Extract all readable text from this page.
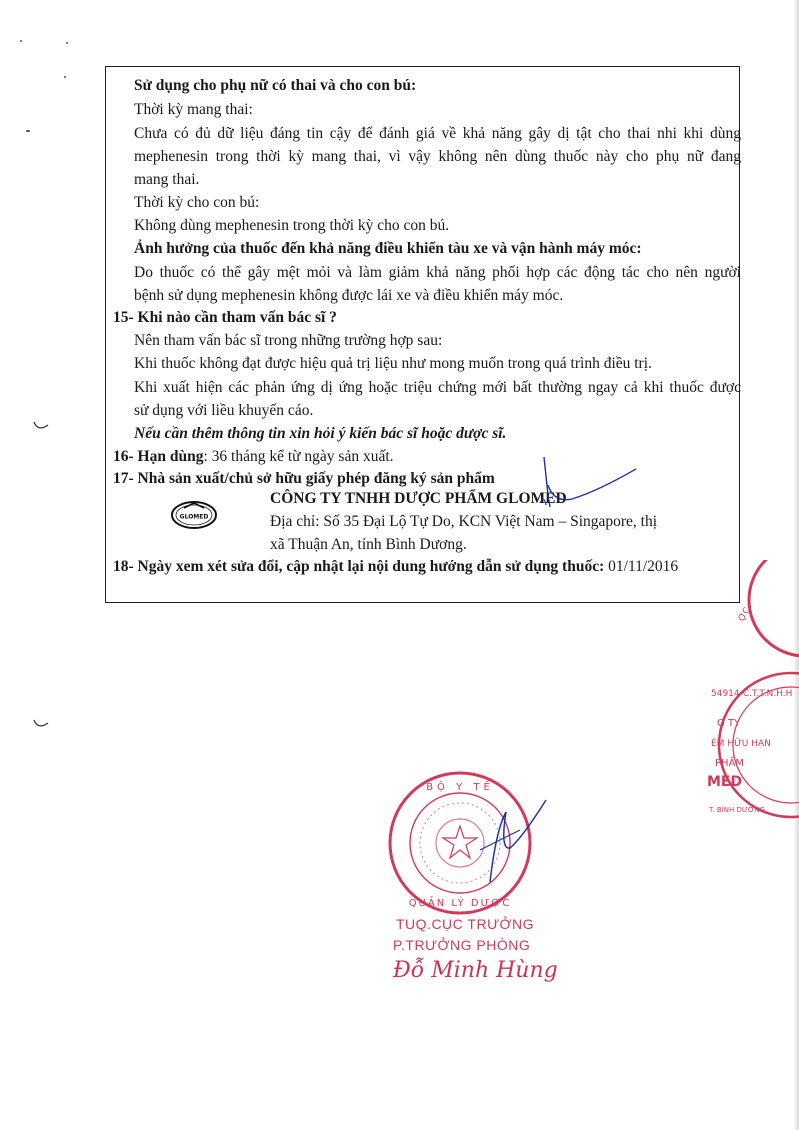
Sử dụng cho phụ nữ có thai và cho con bú:
Thời kỳ mang thai:
Chưa có đủ dữ liệu đáng tin cậy để đánh giá về khả năng gây dị tật cho thai nhi khi dùng
mephenesin trong thời kỳ mang thai, vì vậy không nên dùng thuốc này cho phụ nữ đang
mang thai.
Thời kỳ cho con bú:
Không dùng mephenesin trong thời kỳ cho con bú.
Ảnh hưởng của thuốc đến khả năng điều khiển tàu xe và vận hành máy móc:
Do thuốc có thể gây mệt mỏi và làm giảm khả năng phối hợp các động tác cho nên người
bệnh sử dụng mephenesin không được lái xe và điều khiển máy móc.
15- Khi nào cần tham vấn bác sĩ ?
Nên tham vấn bác sĩ trong những trường hợp sau:
Khi thuốc không đạt được hiệu quả trị liệu như mong muốn trong quá trình điều trị.
Khi xuất hiện các phản ứng dị ứng hoặc triệu chứng mới bất thường ngay cả khi thuốc được
sử dụng với liều khuyến cáo.
Nếu cần thêm thông tin xin hỏi ý kiến bác sĩ hoặc dược sĩ.
16- Hạn dùng: 36 tháng kể từ ngày sản xuất.
17- Nhà sản xuất/chủ sở hữu giấy phép đăng ký sản phẩm
CÔNG TY TNHH DƯỢC PHẨM GLOMED
Địa chỉ: Số 35 Đại Lộ Tự Do, KCN Việt Nam – Singapore, thị
xã Thuận An, tỉnh Bình Dương.
18- Ngày xem xét sửa đổi, cập nhật lại nội dung hướng dẫn sử dụng thuốc: 01/11/2016
GLOMED
ỢC
54914-C.T.T.N.H.H
G TY
ÉM HỮU HẠN
PHẨM
MED
T. BÌNH DƯƠNG
BỘ Y TẾ
QUẢN LÝ DƯỢC
TUQ.CỤC TRƯỞNG
P.TRƯỞNG PHÒNG
Đỗ Minh Hùng
